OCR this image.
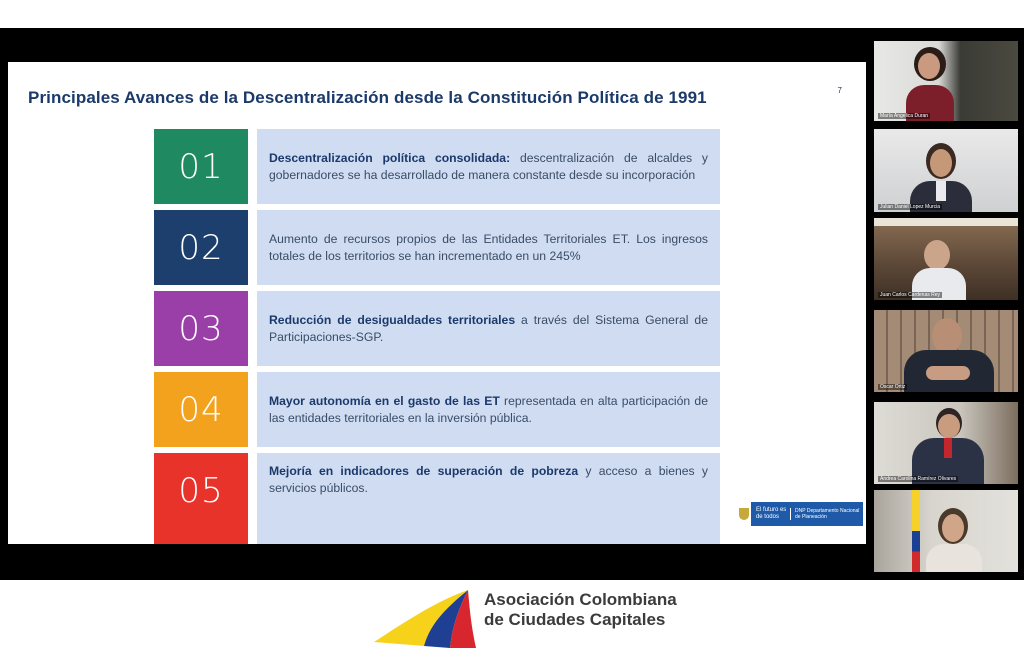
Principales Avances de la Descentralización desde la Constitución Política de 1991	7
01	Descentralización política consolidada: descentralización de alcaldes y gobernadores se ha desarrollado de manera constante desde su incorporación

02	Aumento de recursos propios de las Entidades Territoriales ET. Los ingresos totales de los territorios se han incrementado en un 245%

03	Reducción de desigualdades territoriales a través del Sistema General de Participaciones-SGP.

04	Mayor autonomía en el gasto de las ET representada en alta participación de las entidades territoriales en la inversión pública.

05	Mejoría en indicadores de superación de pobreza y acceso a bienes y servicios públicos.

El futuro es de todos
DNP Departamento Nacional de Planeación
María Angelica Duran
Julian Daniel Lopez Murcia
Juan Carlos Cardenas Rey
Oscar Ortiz
Andrea Carolina Ramírez Olivares
Asociación Colombiana
de Ciudades Capitales
